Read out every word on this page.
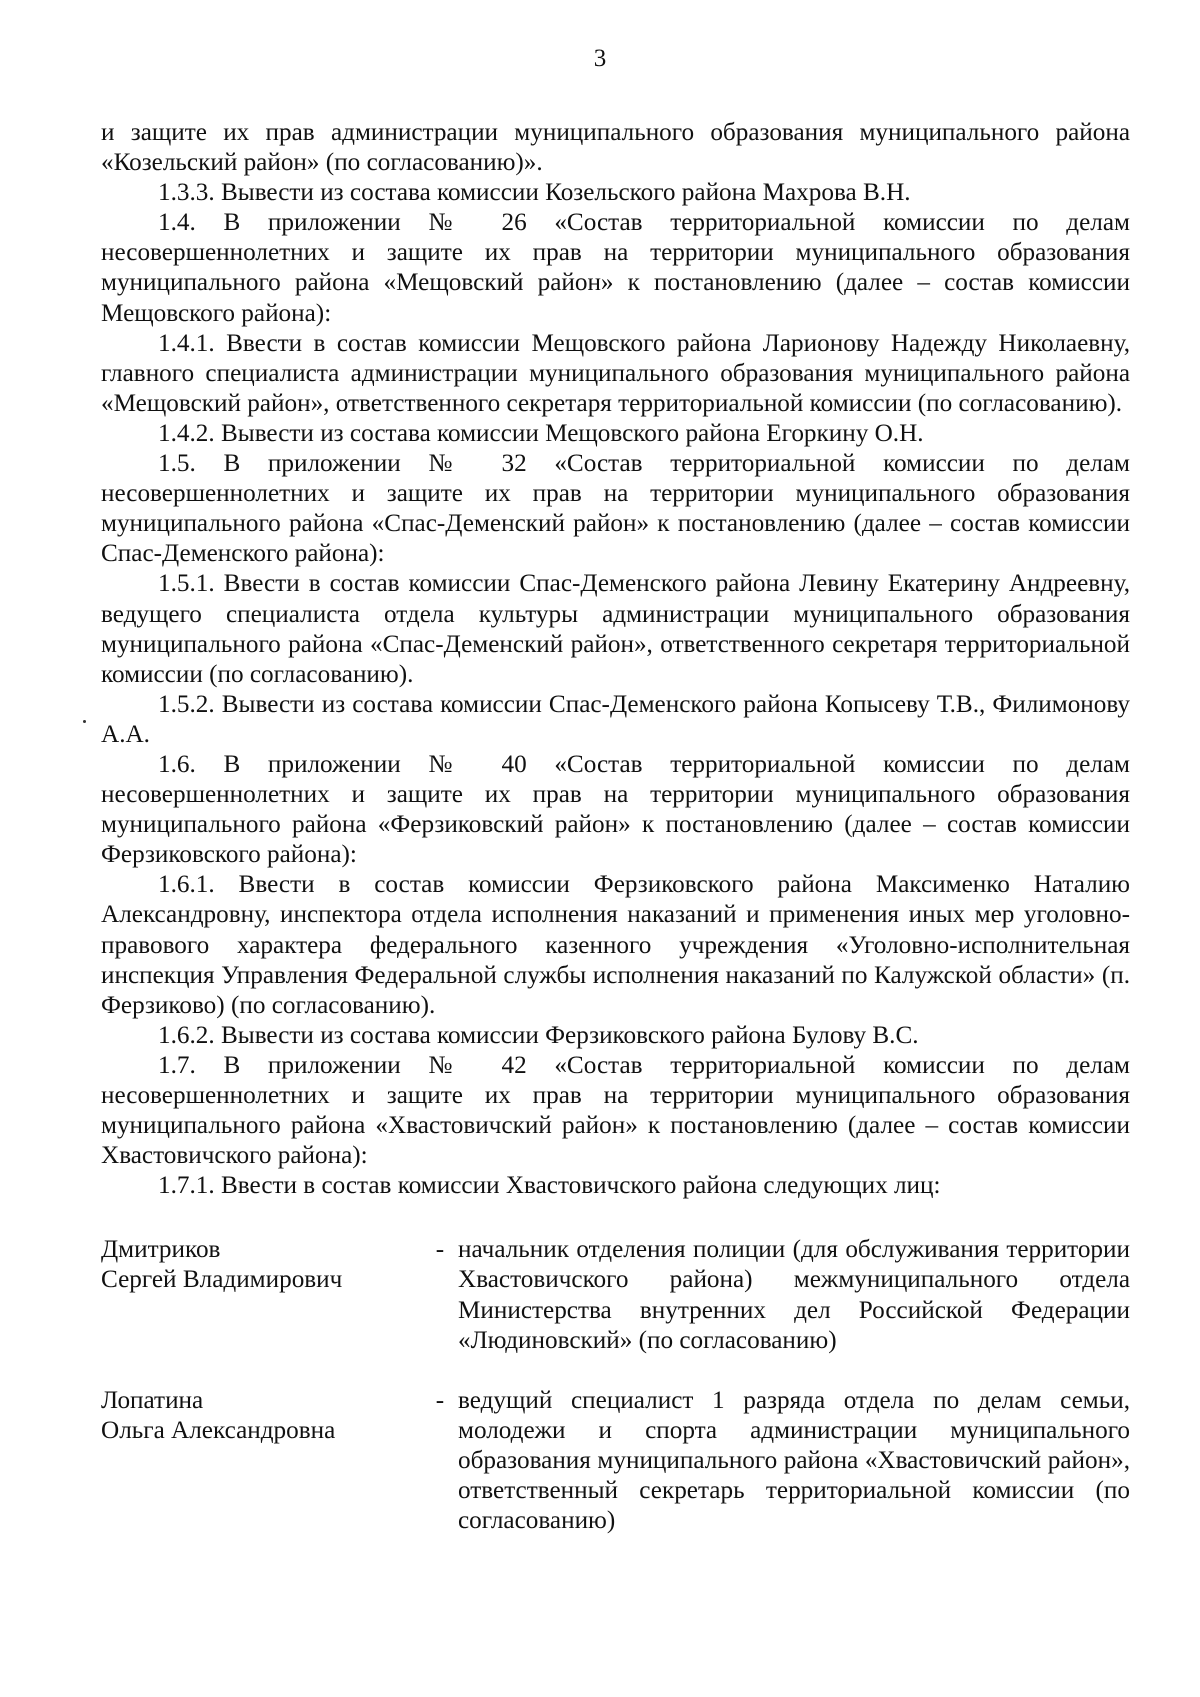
3

и защите их прав администрации муниципального образования муниципального района «Козельский район» (по согласованию)».

1.3.3. Вывести из состава комиссии Козельского района Махрова В.Н.

1.4. В приложении № 26 «Состав территориальной комиссии по делам несовершеннолетних и защите их прав на территории муниципального образования муниципального района «Мещовский район» к постановлению (далее – состав комиссии Мещовского района):

1.4.1. Ввести в состав комиссии Мещовского района Ларионову Надежду Николаевну, главного специалиста администрации муниципального образования муниципального района «Мещовский район», ответственного секретаря территориальной комиссии (по согласованию).

1.4.2. Вывести из состава комиссии Мещовского района Егоркину О.Н.

1.5. В приложении № 32 «Состав территориальной комиссии по делам несовершеннолетних и защите их прав на территории муниципального образования муниципального района «Спас-Деменский район» к постановлению (далее – состав комиссии Спас-Деменского района):

1.5.1. Ввести в состав комиссии Спас-Деменского района Левину Екатерину Андреевну, ведущего специалиста отдела культуры администрации муниципального образования муниципального района «Спас-Деменский район», ответственного секретаря территориальной комиссии (по согласованию).

1.5.2. Вывести из состава комиссии Спас-Деменского района Копысеву Т.В., Филимонову А.А.

1.6. В приложении № 40 «Состав территориальной комиссии по делам несовершеннолетних и защите их прав на территории муниципального образования муниципального района «Ферзиковский район» к постановлению (далее – состав комиссии Ферзиковского района):

1.6.1. Ввести в состав комиссии Ферзиковского района Максименко Наталию Александровну, инспектора отдела исполнения наказаний и применения иных мер уголовно-правового характера федерального казенного учреждения «Уголовно-исполнительная инспекция Управления Федеральной службы исполнения наказаний по Калужской области» (п. Ферзиково) (по согласованию).

1.6.2. Вывести из состава комиссии Ферзиковского района Булову В.С.

1.7. В приложении № 42 «Состав территориальной комиссии по делам несовершеннолетних и защите их прав на территории муниципального образования муниципального района «Хвастовичский район» к постановлению (далее – состав комиссии Хвастовичского района):

1.7.1. Ввести в состав комиссии Хвастовичского района следующих лиц:

Дмитриков
Сергей Владимирович
- начальник отделения полиции (для обслуживания территории Хвастовичского района) межмуниципального отдела Министерства внутренних дел Российской Федерации «Людиновский» (по согласованию)
Лопатина
Ольга Александровна
- ведущий специалист 1 разряда отдела по делам семьи, молодежи и спорта администрации муниципального образования муниципального района «Хвастовичский район», ответственный секретарь территориальной комиссии (по согласованию)
